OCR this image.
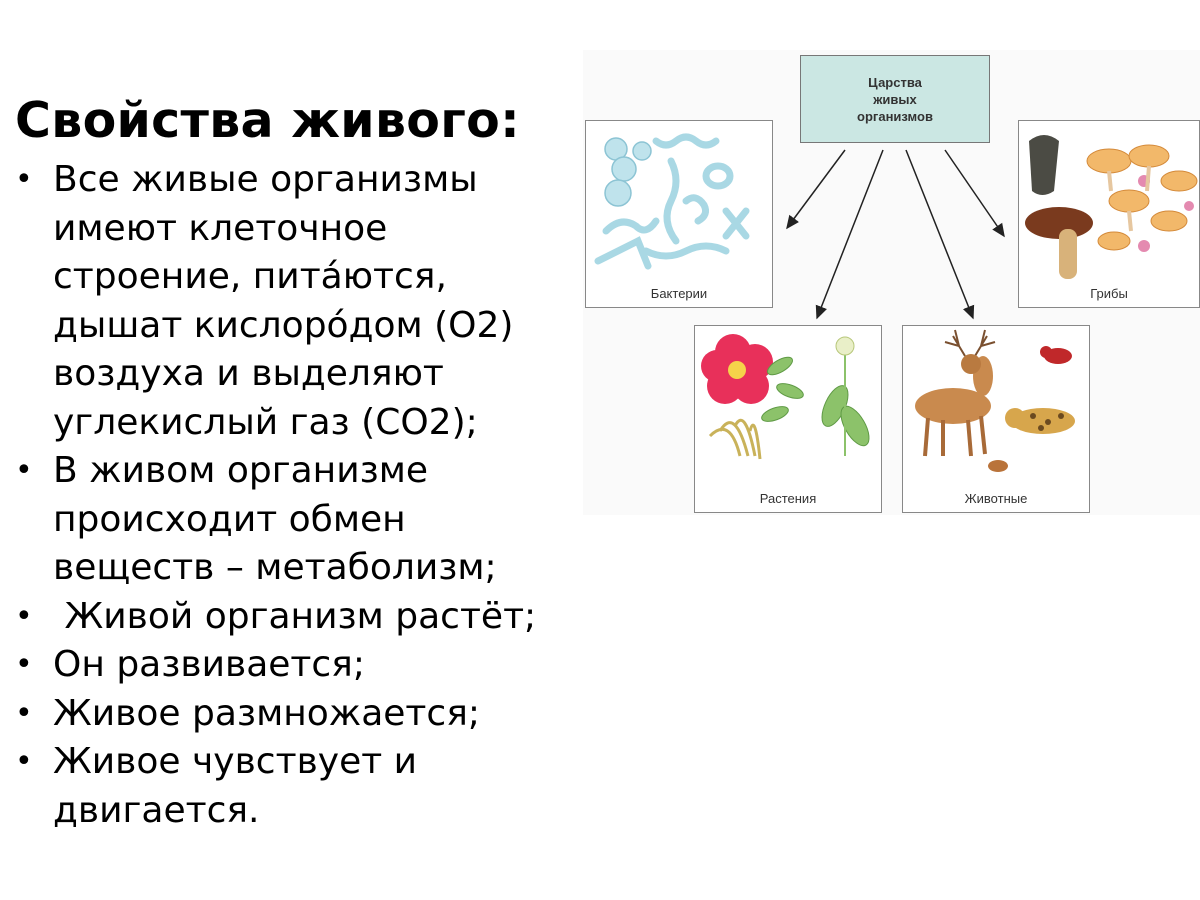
Свойства живого:
• Все живые организмы
имеют клеточное
строение, пита́ются,
дышат кислоро́дом (О2)
воздуха и выделяют
углекислый газ (СО2);
• В живом организме
происходит обмен
веществ – метаболизм;
• Живой организм растёт;
• Он развивается;
• Живое размножается;
• Живое чувствует и
двигается.
Царства
живых
организмов
Бактерии	Грибы
Растения	Животные
